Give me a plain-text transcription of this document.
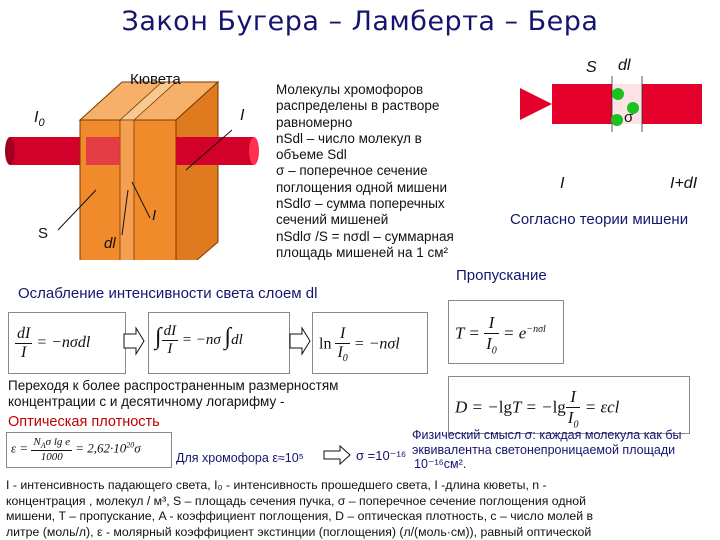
Закон Бугера – Ламберта – Бера
Кювета
$I_0$	I
I
S
dl
Молекулы хромофоров
распределены в растворе
равномерно
nSdl – число молекул в
объеме Sdl
σ – поперечное сечение
поглощения одной мишени
nSdlσ – сумма поперечных
сечений мишеней
nSdlσ /S = nσdl – суммарная
площадь мишеней на 1 см²
S dl
σ
I	I+dI
Согласно теории мишени
Пропускание
Ослабление интенсивности света слоем dl
$\frac{dI}{I} = -n\sigma dl$	∫ $\frac{dI}{I} = -n\sigma$ ∫dl	$\ln \frac{I}{I_0} = -n\sigma l$
$T = \frac{I}{I_0} = e^{-n\sigma l}$
Переходя к более распространенным размерностям
концентрации с и десятичному логарифму -	$D = -\lg T = -\lg \frac{I}{I_0} = \varepsilon cl$
Оптическая плотность
$\varepsilon = \frac{N_A\sigma \lg e}{1000} = 2,62\cdot 10^{20}\sigma$
Для хромофора ε≈10⁵	σ =10⁻¹⁶
Физический смысл σ: каждая молекула как бы
эквивалентна светонепроницаемой площади
10⁻¹⁶см².
I - интенсивность падающего света, I₀ - интенсивность прошедшего света, I -длина кюветы, n -
концентрация , молекул / м³, S – площадь сечения пучка, σ – поперечное сечение поглощения одной
мишени, T – пропускание, A - коэффициент поглощения, D – оптическая плотность, с – число молей в
литре (моль/л), ε - молярный коэффициент экстинции (поглощения) (л/(моль·см)), равный оптической
